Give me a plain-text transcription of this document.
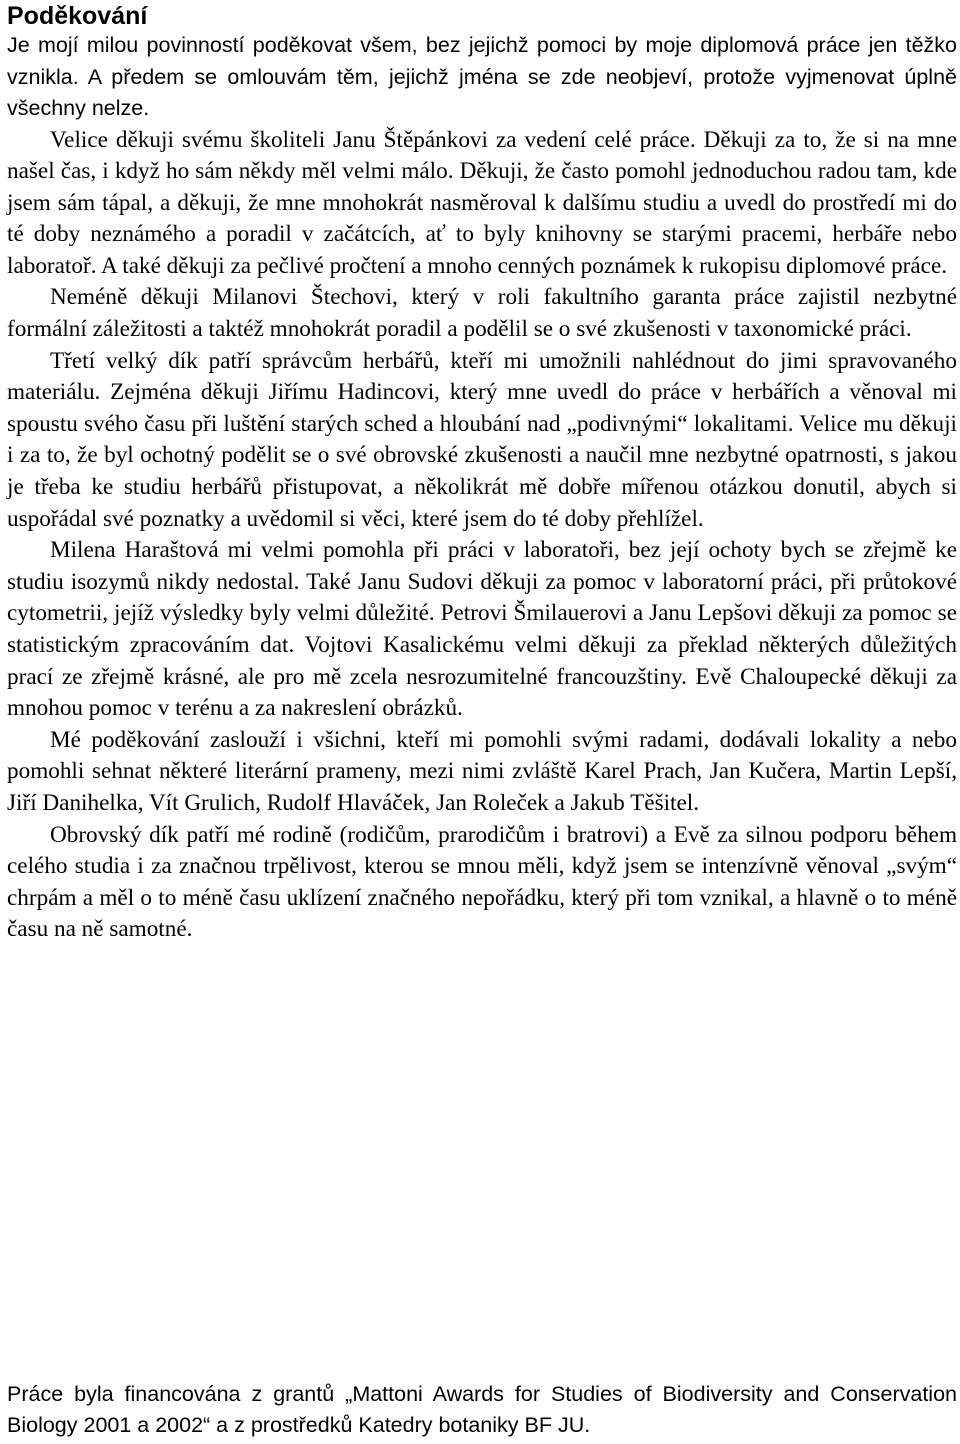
Poděkování

Je mojí milou povinností poděkovat všem, bez jejichž pomoci by moje diplomová práce jen těžko vznikla. A předem se omlouvám těm, jejichž jména se zde neobjeví, protože vyjmenovat úplně všechny nelze.

Velice děkuji svému školiteli Janu Štěpánkovi za vedení celé práce. Děkuji za to, že si na mne našel čas, i když ho sám někdy měl velmi málo. Děkuji, že často pomohl jednoduchou radou tam, kde jsem sám tápal, a děkuji, že mne mnohokrát nasměroval k dalšímu studiu a uvedl do prostředí mi do té doby neznámého a poradil v začátcích, ať to byly knihovny se starými pracemi, herbáře nebo laboratoř. A také děkuji za pečlivé pročtení a mnoho cenných poznámek k rukopisu diplomové práce.

Neméně děkuji Milanovi Štechovi, který v roli fakultního garanta práce zajistil nezbytné formální záležitosti a taktéž mnohokrát poradil a podělil se o své zkušenosti v taxonomické práci.

Třetí velký dík patří správcům herbářů, kteří mi umožnili nahlédnout do jimi spravovaného materiálu. Zejména děkuji Jiřímu Hadincovi, který mne uvedl do práce v herbářích a věnoval mi spoustu svého času při luštění starých sched a hloubání nad „podivnými“ lokalitami. Velice mu děkuji i za to, že byl ochotný podělit se o své obrovské zkušenosti a naučil mne nezbytné opatrnosti, s jakou je třeba ke studiu herbářů přistupovat, a několikrát mě dobře mířenou otázkou donutil, abych si uspořádal své poznatky a uvědomil si věci, které jsem do té doby přehlížel.

Milena Haraštová mi velmi pomohla při práci v laboratoři, bez její ochoty bych se zřejmě ke studiu isozymů nikdy nedostal. Také Janu Sudovi děkuji za pomoc v laboratorní práci, při průtokové cytometrii, jejíž výsledky byly velmi důležité. Petrovi Šmilauerovi a Janu Lepšovi děkuji za pomoc se statistickým zpracováním dat. Vojtovi Kasalickému velmi děkuji za překlad některých důležitých prací ze zřejmě krásné, ale pro mě zcela nesrozumitelné francouzštiny. Evě Chaloupecké děkuji za mnohou pomoc v terénu a za nakreslení obrázků.

Mé poděkování zaslouží i všichni, kteří mi pomohli svými radami, dodávali lokality a nebo pomohli sehnat některé literární prameny, mezi nimi zvláště Karel Prach, Jan Kučera, Martin Lepší, Jiří Danihelka, Vít Grulich, Rudolf Hlaváček, Jan Roleček a Jakub Těšitel.

Obrovský dík patří mé rodině (rodičům, prarodičům i bratrovi) a Evě za silnou podporu během celého studia i za značnou trpělivost, kterou se mnou měli, když jsem se intenzívně věnoval „svým“ chrpám a měl o to méně času uklízení značného nepořádku, který při tom vznikal, a hlavně o to méně času na ně samotné.

Práce byla financována z grantů „Mattoni Awards for Studies of Biodiversity and Conservation Biology 2001 a 2002“ a z prostředků Katedry botaniky BF JU.
